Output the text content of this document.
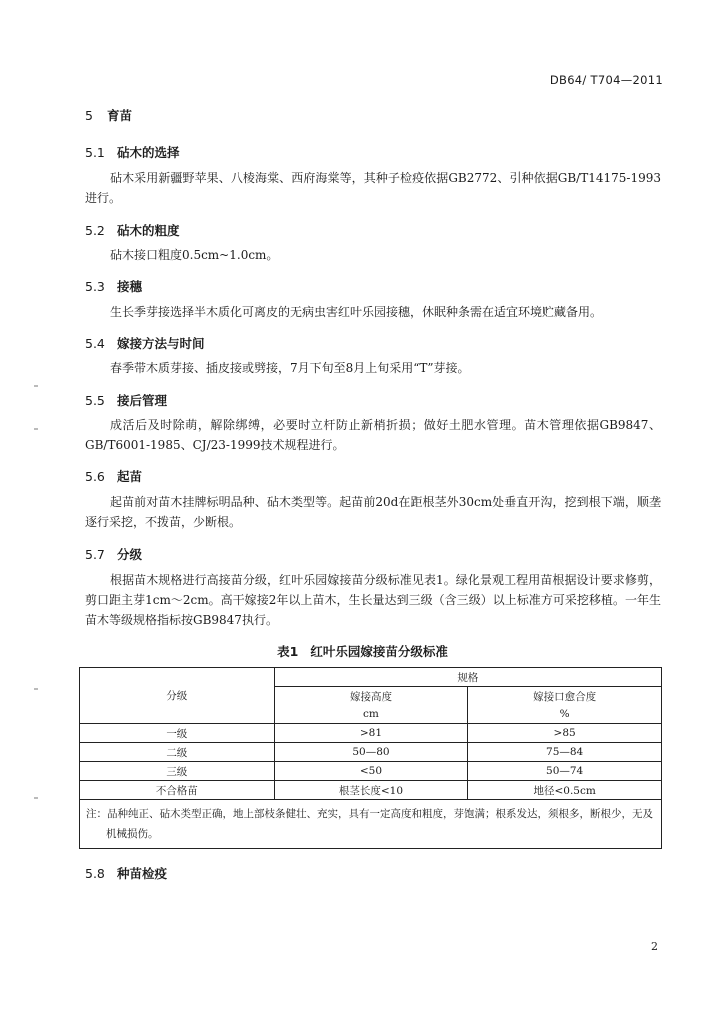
DB64/ T704—2011
5 育苗
5.1 砧木的选择
砧木采用新疆野苹果、八棱海棠、西府海棠等，其种子检疫依据GB2772、引种依据GB/T14175-1993进行。
5.2 砧木的粗度
砧木接口粗度0.5cm~1.0cm。
5.3 接穗
生长季芽接选择半木质化可离皮的无病虫害红叶乐园接穗，休眠种条需在适宜环境贮藏备用。
5.4 嫁接方法与时间
春季带木质芽接、插皮接或劈接，7月下旬至8月上旬采用“T”芽接。
5.5 接后管理
成活后及时除萌，解除绑缚，必要时立杆防止新梢折损；做好土肥水管理。苗木管理依据GB9847、GB/T6001-1985、CJ/23-1999技术规程进行。
5.6 起苗
起苗前对苗木挂牌标明品种、砧木类型等。起苗前20d在距根茎外30cm处垂直开沟，挖到根下端，顺垄逐行采挖，不拨苗，少断根。
5.7 分级
根据苗木规格进行高接苗分级，红叶乐园嫁接苗分级标准见表1。绿化景观工程用苗根据设计要求修剪，剪口距主芽1cm～2cm。高干嫁接2年以上苗木，生长量达到三级（含三级）以上标准方可采挖移植。一年生苗木等级规格指标按GB9847执行。
表1 红叶乐园嫁接苗分级标准
分级	规格	
	嫁接高度	嫁接口愈合度
	cm	%
一级	>81	>85
二级	50—80	75—84
三级	<50	50—74
不合格苗	根茎长度<10	地径<0.5cm
注：品种纯正、砧木类型正确，地上部枝条健壮、充实，具有一定高度和粗度，芽饱满；根系发达，须根多，断根少，无及机械损伤。		
5.8 种苗检疫
2
